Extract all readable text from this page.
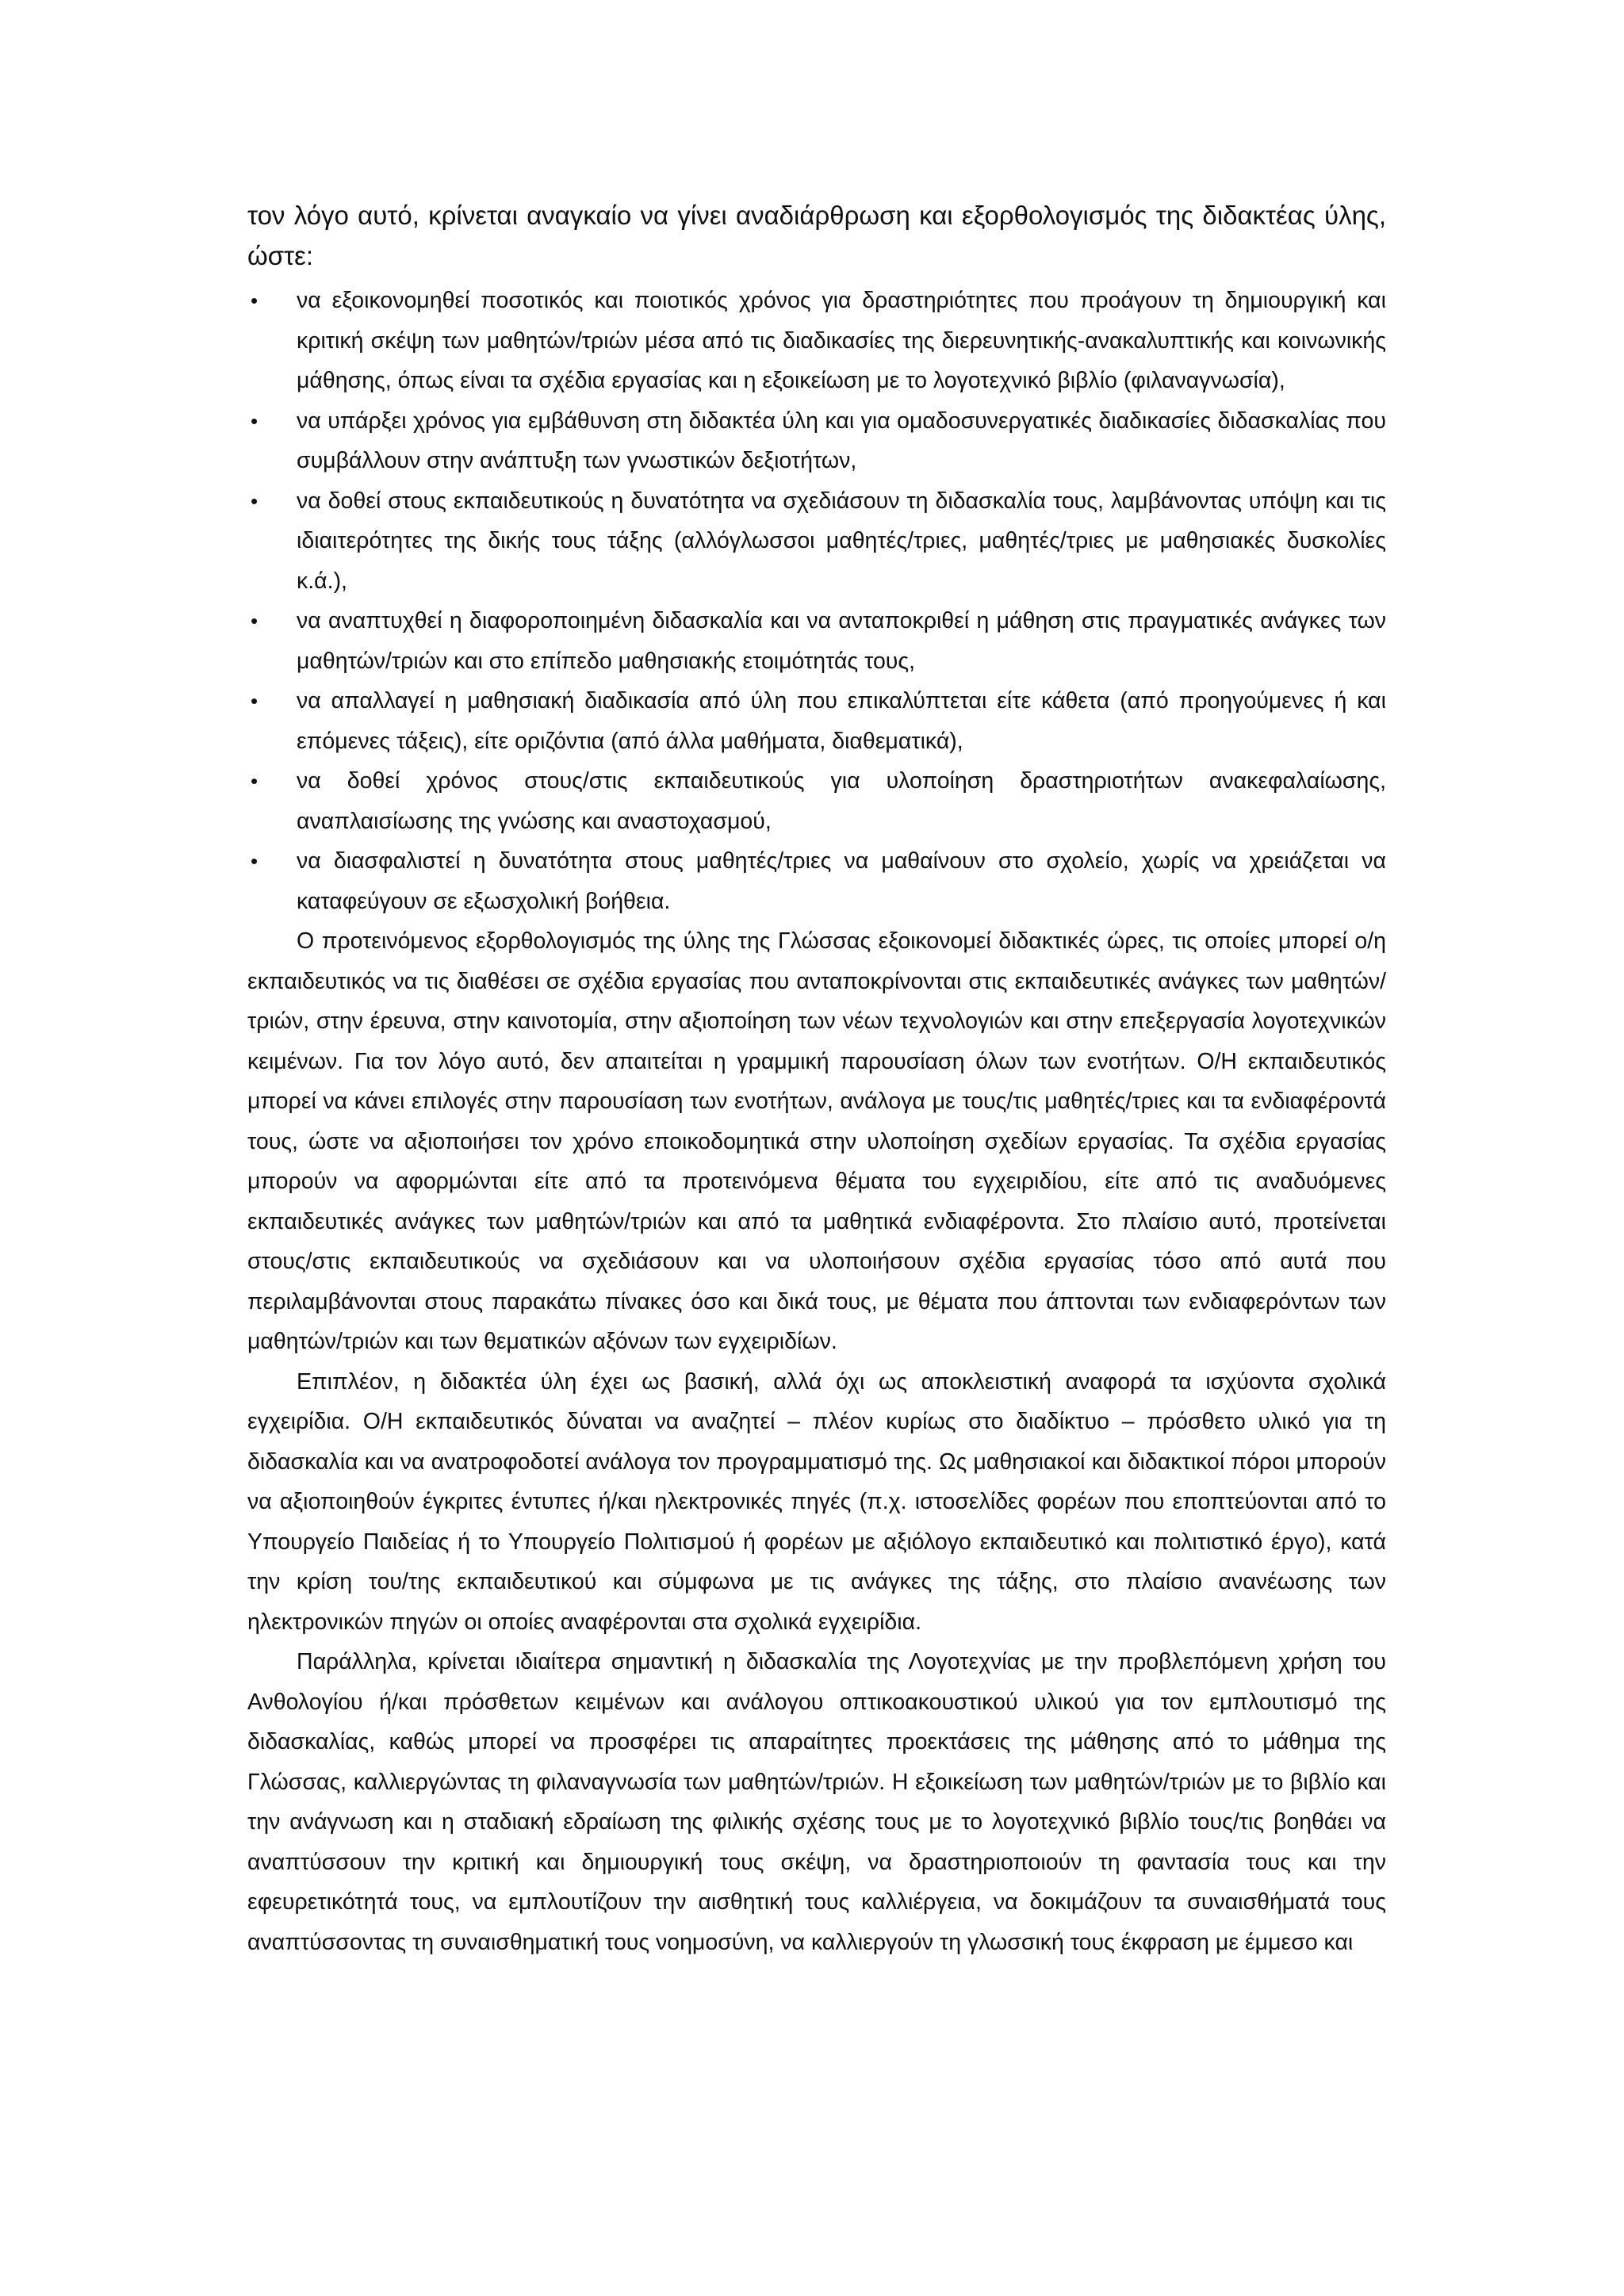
τον λόγο αυτό, κρίνεται αναγκαίο να γίνει αναδιάρθρωση και εξορθολογισμός της διδακτέας ύλης, ώστε:

• να εξοικονομηθεί ποσοτικός και ποιοτικός χρόνος για δραστηριότητες που προάγουν τη δημιουργική και κριτική σκέψη των μαθητών/τριών μέσα από τις διαδικασίες της διερευνητικής-ανακαλυπτικής και κοινωνικής μάθησης, όπως είναι τα σχέδια εργασίας και η εξοικείωση με το λογοτεχνικό βιβλίο (φιλαναγνωσία),
• να υπάρξει χρόνος για εμβάθυνση στη διδακτέα ύλη και για ομαδοσυνεργατικές διαδικασίες διδασκαλίας που συμβάλλουν στην ανάπτυξη των γνωστικών δεξιοτήτων,
• να δοθεί στους εκπαιδευτικούς η δυνατότητα να σχεδιάσουν τη διδασκαλία τους, λαμβάνοντας υπόψη και τις ιδιαιτερότητες της δικής τους τάξης (αλλόγλωσσοι μαθητές/τριες, μαθητές/τριες με μαθησιακές δυσκολίες κ.ά.),
• να αναπτυχθεί η διαφοροποιημένη διδασκαλία και να ανταποκριθεί η μάθηση στις πραγματικές ανάγκες των μαθητών/τριών και στο επίπεδο μαθησιακής ετοιμότητάς τους,
• να απαλλαγεί η μαθησιακή διαδικασία από ύλη που επικαλύπτεται είτε κάθετα (από προηγούμενες ή και επόμενες τάξεις), είτε οριζόντια (από άλλα μαθήματα, διαθεματικά),
• να δοθεί χρόνος στους/στις εκπαιδευτικούς για υλοποίηση δραστηριοτήτων ανακεφαλαίωσης, αναπλαισίωσης της γνώσης και αναστοχασμού,
• να διασφαλιστεί η δυνατότητα στους μαθητές/τριες να μαθαίνουν στο σχολείο, χωρίς να χρειάζεται να καταφεύγουν σε εξωσχολική βοήθεια.

Ο προτεινόμενος εξορθολογισμός της ύλης της Γλώσσας εξοικονομεί διδακτικές ώρες, τις οποίες μπορεί ο/η εκπαιδευτικός να τις διαθέσει σε σχέδια εργασίας που ανταποκρίνονται στις εκπαιδευτικές ανάγκες των μαθητών/τριών, στην έρευνα, στην καινοτομία, στην αξιοποίηση των νέων τεχνολογιών και στην επεξεργασία λογοτεχνικών κειμένων. Για τον λόγο αυτό, δεν απαιτείται η γραμμική παρουσίαση όλων των ενοτήτων. Ο/Η εκπαιδευτικός μπορεί να κάνει επιλογές στην παρουσίαση των ενοτήτων, ανάλογα με τους/τις μαθητές/τριες και τα ενδιαφέροντά τους, ώστε να αξιοποιήσει τον χρόνο εποικοδομητικά στην υλοποίηση σχεδίων εργασίας. Τα σχέδια εργασίας μπορούν να αφορμώνται είτε από τα προτεινόμενα θέματα του εγχειριδίου, είτε από τις αναδυόμενες εκπαιδευτικές ανάγκες των μαθητών/τριών και από τα μαθητικά ενδιαφέροντα. Στο πλαίσιο αυτό, προτείνεται στους/στις εκπαιδευτικούς να σχεδιάσουν και να υλοποιήσουν σχέδια εργασίας τόσο από αυτά που περιλαμβάνονται στους παρακάτω πίνακες όσο και δικά τους, με θέματα που άπτονται των ενδιαφερόντων των μαθητών/τριών και των θεματικών αξόνων των εγχειριδίων.

Επιπλέον, η διδακτέα ύλη έχει ως βασική, αλλά όχι ως αποκλειστική αναφορά τα ισχύοντα σχολικά εγχειρίδια. Ο/Η εκπαιδευτικός δύναται να αναζητεί – πλέον κυρίως στο διαδίκτυο – πρόσθετο υλικό για τη διδασκαλία και να ανατροφοδοτεί ανάλογα τον προγραμματισμό της. Ως μαθησιακοί και διδακτικοί πόροι μπορούν να αξιοποιηθούν έγκριτες έντυπες ή/και ηλεκτρονικές πηγές (π.χ. ιστοσελίδες φορέων που εποπτεύονται από το Υπουργείο Παιδείας ή το Υπουργείο Πολιτισμού ή φορέων με αξιόλογο εκπαιδευτικό και πολιτιστικό έργο), κατά την κρίση του/της εκπαιδευτικού και σύμφωνα με τις ανάγκες της τάξης, στο πλαίσιο ανανέωσης των ηλεκτρονικών πηγών οι οποίες αναφέρονται στα σχολικά εγχειρίδια.

Παράλληλα, κρίνεται ιδιαίτερα σημαντική η διδασκαλία της Λογοτεχνίας με την προβλεπόμενη χρήση του Ανθολογίου ή/και πρόσθετων κειμένων και ανάλογου οπτικοακουστικού υλικού για τον εμπλουτισμό της διδασκαλίας, καθώς μπορεί να προσφέρει τις απαραίτητες προεκτάσεις της μάθησης από το μάθημα της Γλώσσας, καλλιεργώντας τη φιλαναγνωσία των μαθητών/τριών. Η εξοικείωση των μαθητών/τριών με το βιβλίο και την ανάγνωση και η σταδιακή εδραίωση της φιλικής σχέσης τους με το λογοτεχνικό βιβλίο τους/τις βοηθάει να αναπτύσσουν την κριτική και δημιουργική τους σκέψη, να δραστηριοποιούν τη φαντασία τους και την εφευρετικότητά τους, να εμπλουτίζουν την αισθητική τους καλλιέργεια, να δοκιμάζουν τα συναισθήματά τους αναπτύσσοντας τη συναισθηματική τους νοημοσύνη, να καλλιεργούν τη γλωσσική τους έκφραση με έμμεσο και
